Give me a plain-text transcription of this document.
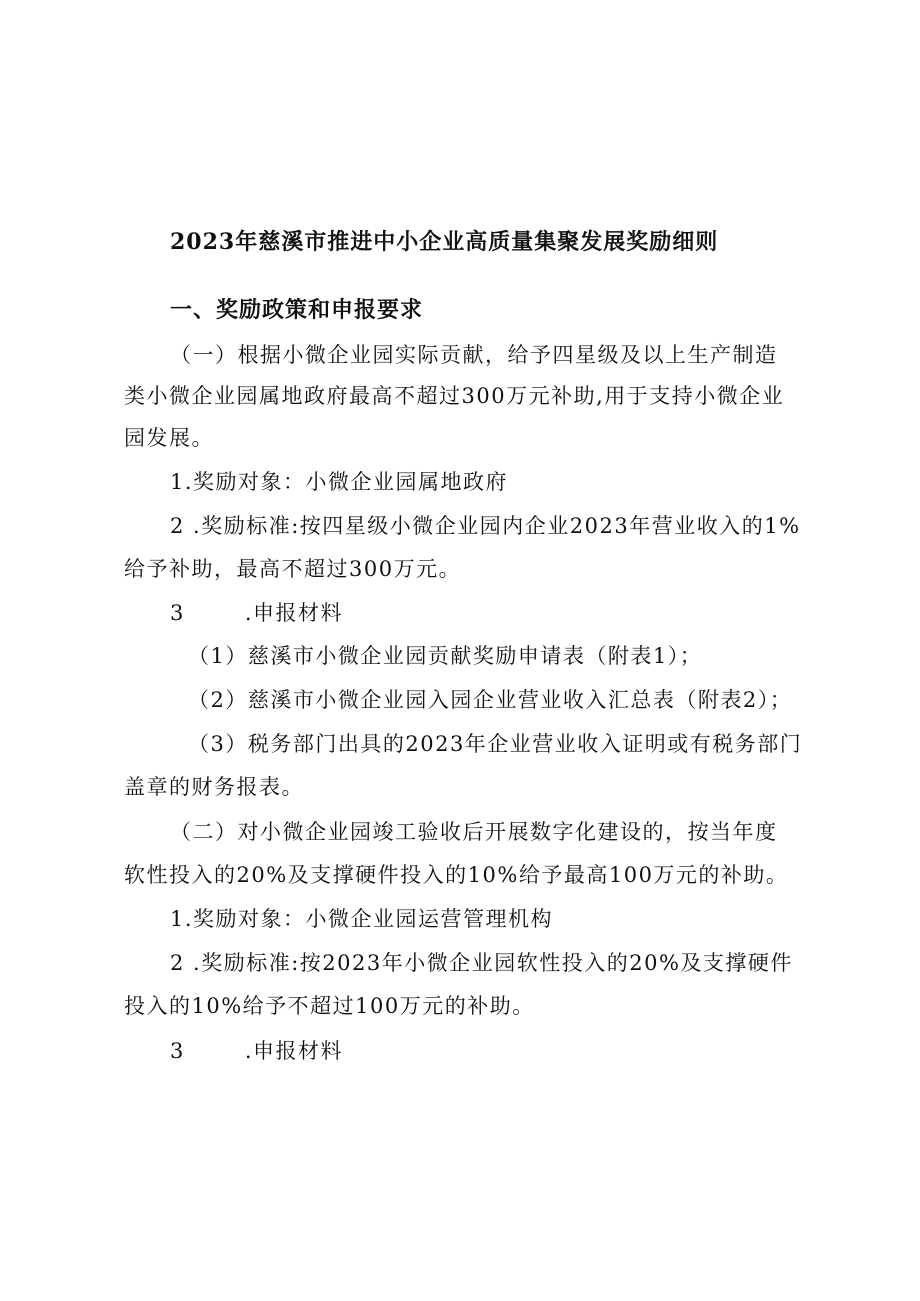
2023年慈溪市推进中小企业高质量集聚发展奖励细则
一、奖励政策和申报要求
（一）根据小微企业园实际贡献，给予四星级及以上生产制造
类小微企业园属地政府最高不超过300万元补助,用于支持小微企业
园发展。
1.奖励对象：小微企业园属地政府
2 .奖励标准:按四星级小微企业园内企业2023年营业收入的1%
给予补助，最高不超过300万元。
3	.申报材料
（1）慈溪市小微企业园贡献奖励申请表（附表1）；
（2）慈溪市小微企业园入园企业营业收入汇总表（附表2）；
（3）税务部门出具的2023年企业营业收入证明或有税务部门
盖章的财务报表。
（二）对小微企业园竣工验收后开展数字化建设的，按当年度
软性投入的20%及支撑硬件投入的10%给予最高100万元的补助。
1.奖励对象：小微企业园运营管理机构
2 .奖励标准:按2023年小微企业园软性投入的20%及支撑硬件
投入的10%给予不超过100万元的补助。
3	.申报材料
